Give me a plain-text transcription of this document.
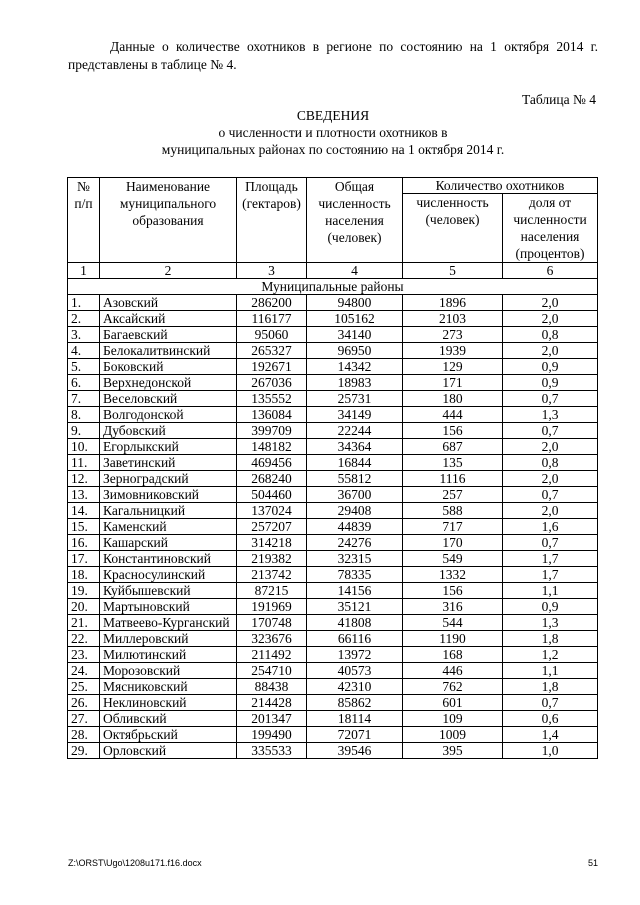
Данные о количестве охотников в регионе по состоянию на 1 октября 2014 г. представлены в таблице № 4.

Таблица № 4
СВЕДЕНИЯ
о численности и плотности охотников в
муниципальных районах по состоянию на 1 октября 2014 г.
№ п/п	Наименование муниципального образования	Площадь (гектаров)	Общая численность населения (человек)	Количество охотников	
				численность (человек)	доля от численности населения (процентов)
1	2	3	4	5	6
Муниципальные районы					
1.	Азовский	286200	94800	1896	2,0
2.	Аксайский	116177	105162	2103	2,0
3.	Багаевский	95060	34140	273	0,8
4.	Белокалитвинский	265327	96950	1939	2,0
5.	Боковский	192671	14342	129	0,9
6.	Верхнедонской	267036	18983	171	0,9
7.	Веселовский	135552	25731	180	0,7
8.	Волгодонской	136084	34149	444	1,3
9.	Дубовский	399709	22244	156	0,7
10.	Егорлыкский	148182	34364	687	2,0
11.	Заветинский	469456	16844	135	0,8
12.	Зерноградский	268240	55812	1116	2,0
13.	Зимовниковский	504460	36700	257	0,7
14.	Кагальницкий	137024	29408	588	2,0
15.	Каменский	257207	44839	717	1,6
16.	Кашарский	314218	24276	170	0,7
17.	Константиновский	219382	32315	549	1,7
18.	Красносулинский	213742	78335	1332	1,7
19.	Куйбышевский	87215	14156	156	1,1
20.	Мартыновский	191969	35121	316	0,9
21.	Матвеево-Курганский	170748	41808	544	1,3
22.	Миллеровский	323676	66116	1190	1,8
23.	Милютинский	211492	13972	168	1,2
24.	Морозовский	254710	40573	446	1,1
25.	Мясниковский	88438	42310	762	1,8
26.	Неклиновский	214428	85862	601	0,7
27.	Обливский	201347	18114	109	0,6
28.	Октябрьский	199490	72071	1009	1,4
29.	Орловский	335533	39546	395	1,0
Z:\ORST\Ugo\1208u171.f16.docx	51
